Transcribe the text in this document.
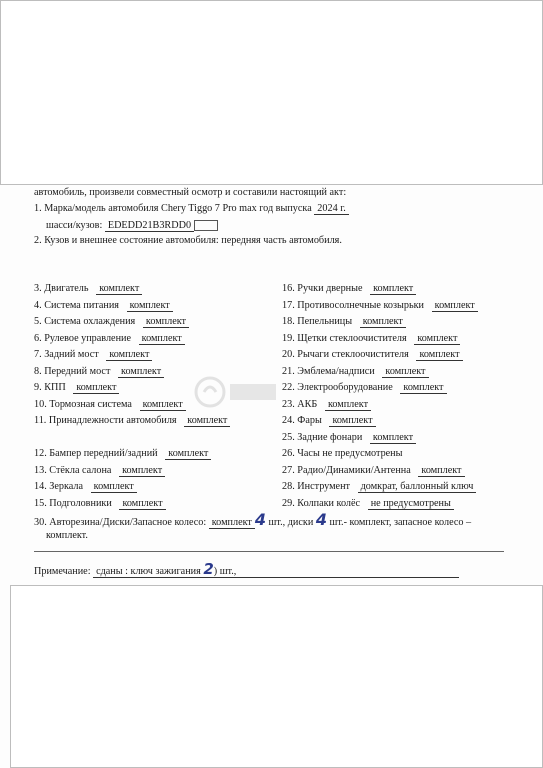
автомобиль, произвели совместный осмотр и составили настоящий акт:
1. Марка/модель автомобиля Chery Tiggo 7 Pro max год выпуска 2024 г.
шасси/кузов: EDEDD21B3RDD0
2. Кузов и внешнее состояние автомобиля: передняя часть автомобиля.
3. Двигатель комплект
4. Система питания комплект
5. Система охлаждения комплект
6. Рулевое управление комплект
7. Задний мост комплект
8. Передний мост комплект
9. КПП комплект
10. Тормозная система комплект
11. Принадлежности автомобиля комплект
12. Бампер передний/задний комплект
13. Стёкла салона комплект
14. Зеркала комплект
15. Подголовники комплект
16. Ручки дверные комплект
17. Противосолнечные козырьки комплект
18. Пепельницы комплект
19. Щетки стеклоочистителя комплект
20. Рычаги стеклоочистителя комплект
21. Эмблема/надписи комплект
22. Электрооборудование комплект
23. АКБ комплект
24. Фары комплект
25. Задние фонари комплект
26. Часы не предусмотрены
27. Радио/Динамики/Антенна комплект
28. Инструмент домкрат, баллонный ключ
29. Колпаки колёс не предусмотрены
30. Авторезина/Диски/Запасное колесо: комплект 4 шт., диски 4 шт.- комплект, запасное колесо –
комплект.
Примечание: сданы : ключ зажигания 2) шт.,
